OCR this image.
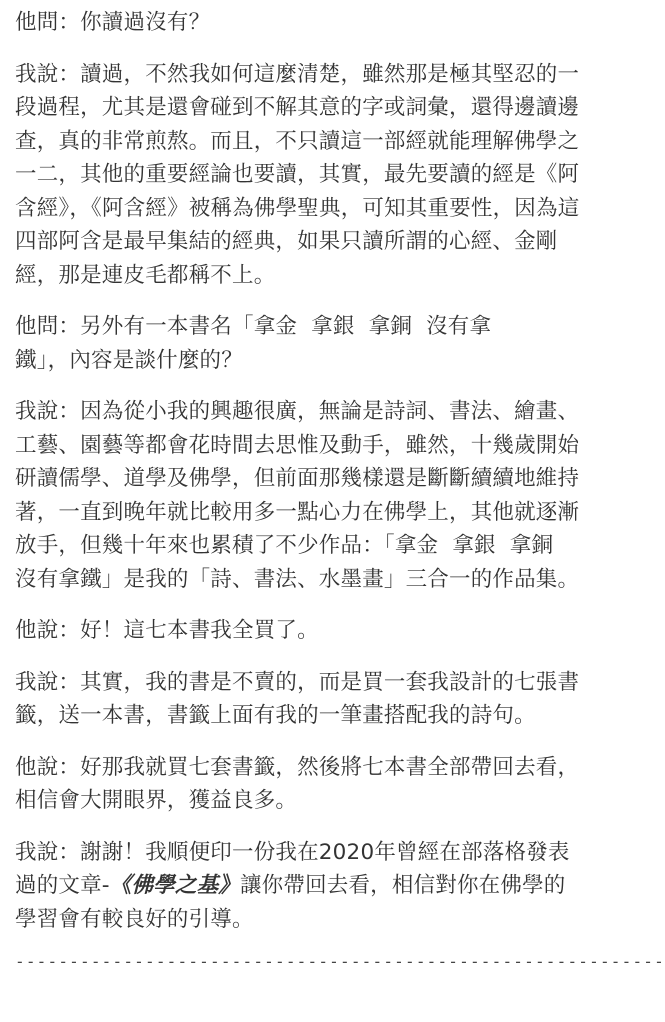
他問：你讀過沒有？

我說：讀過，不然我如何這麼清楚，雖然那是極其堅忍的一段過程，尤其是還會碰到不解其意的字或詞彙，還得邊讀邊查，真的非常煎熬。而且，不只讀這一部經就能理解佛學之一二，其他的重要經論也要讀，其實，最先要讀的經是《阿含經》，《阿含經》被稱為佛學聖典，可知其重要性，因為這四部阿含是最早集結的經典，如果只讀所謂的心經、金剛經，那是連皮毛都稱不上。

他問：另外有一本書名「拿金  拿銀  拿銅  沒有拿鐵」，內容是談什麼的？

我說：因為從小我的興趣很廣，無論是詩詞、書法、繪畫、工藝、園藝等都會花時間去思惟及動手，雖然，十幾歲開始研讀儒學、道學及佛學，但前面那幾樣還是斷斷續續地維持著，一直到晚年就比較用多一點心力在佛學上，其他就逐漸放手，但幾十年來也累積了不少作品：「拿金  拿銀  拿銅  沒有拿鐵」是我的「詩、書法、水墨畫」三合一的作品集。

他說：好！這七本書我全買了。

我說：其實，我的書是不賣的，而是買一套我設計的七張書籤，送一本書，書籤上面有我的一筆畫搭配我的詩句。

他說：好那我就買七套書籤，然後將七本書全部帶回去看，相信會大開眼界，獲益良多。

我說：謝謝！我順便印一份我在2020年曾經在部落格發表過的文章-《佛學之基》讓你帶回去看，相信對你在佛學的學習會有較良好的引導。

------------------------------------------------------------
